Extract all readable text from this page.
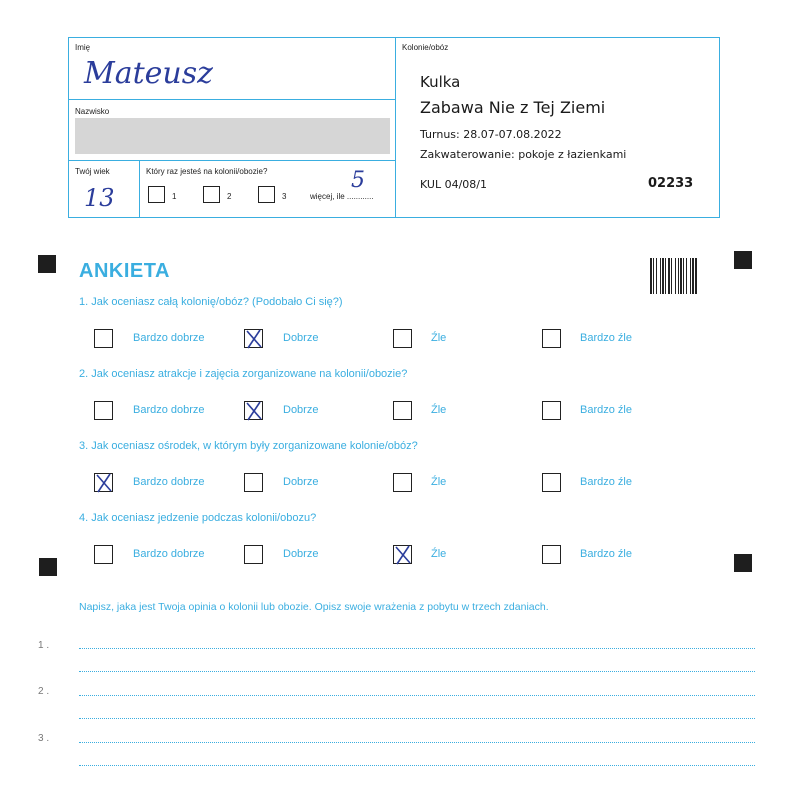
Imię
Mateusz
Nazwisko
Twój wiek
13
Który raz jesteś na kolonii/obozie?
1	2	3	więcej, ile ............
5
Kolonie/obóz
Kulka
Zabawa Nie z Tej Ziemi
Turnus: 28.07-07.08.2022
Zakwaterowanie: pokoje z łazienkami
KUL 04/08/1	02233
ANKIETA
1. Jak oceniasz całą kolonię/obóz? (Podobało Ci się?)
Bardzo dobrze	Dobrze	Źle	Bardzo źle
2. Jak oceniasz atrakcje i zajęcia zorganizowane na kolonii/obozie?
Bardzo dobrze	Dobrze	Źle	Bardzo źle
3. Jak oceniasz ośrodek, w którym były zorganizowane kolonie/obóz?
Bardzo dobrze	Dobrze	Źle	Bardzo źle
4. Jak oceniasz jedzenie podczas kolonii/obozu?
Bardzo dobrze	Dobrze	Źle	Bardzo źle
Napisz, jaka jest Twoja opinia o kolonii lub obozie. Opisz swoje wrażenia z pobytu w trzech zdaniach.
1 .
2 .
3 .
